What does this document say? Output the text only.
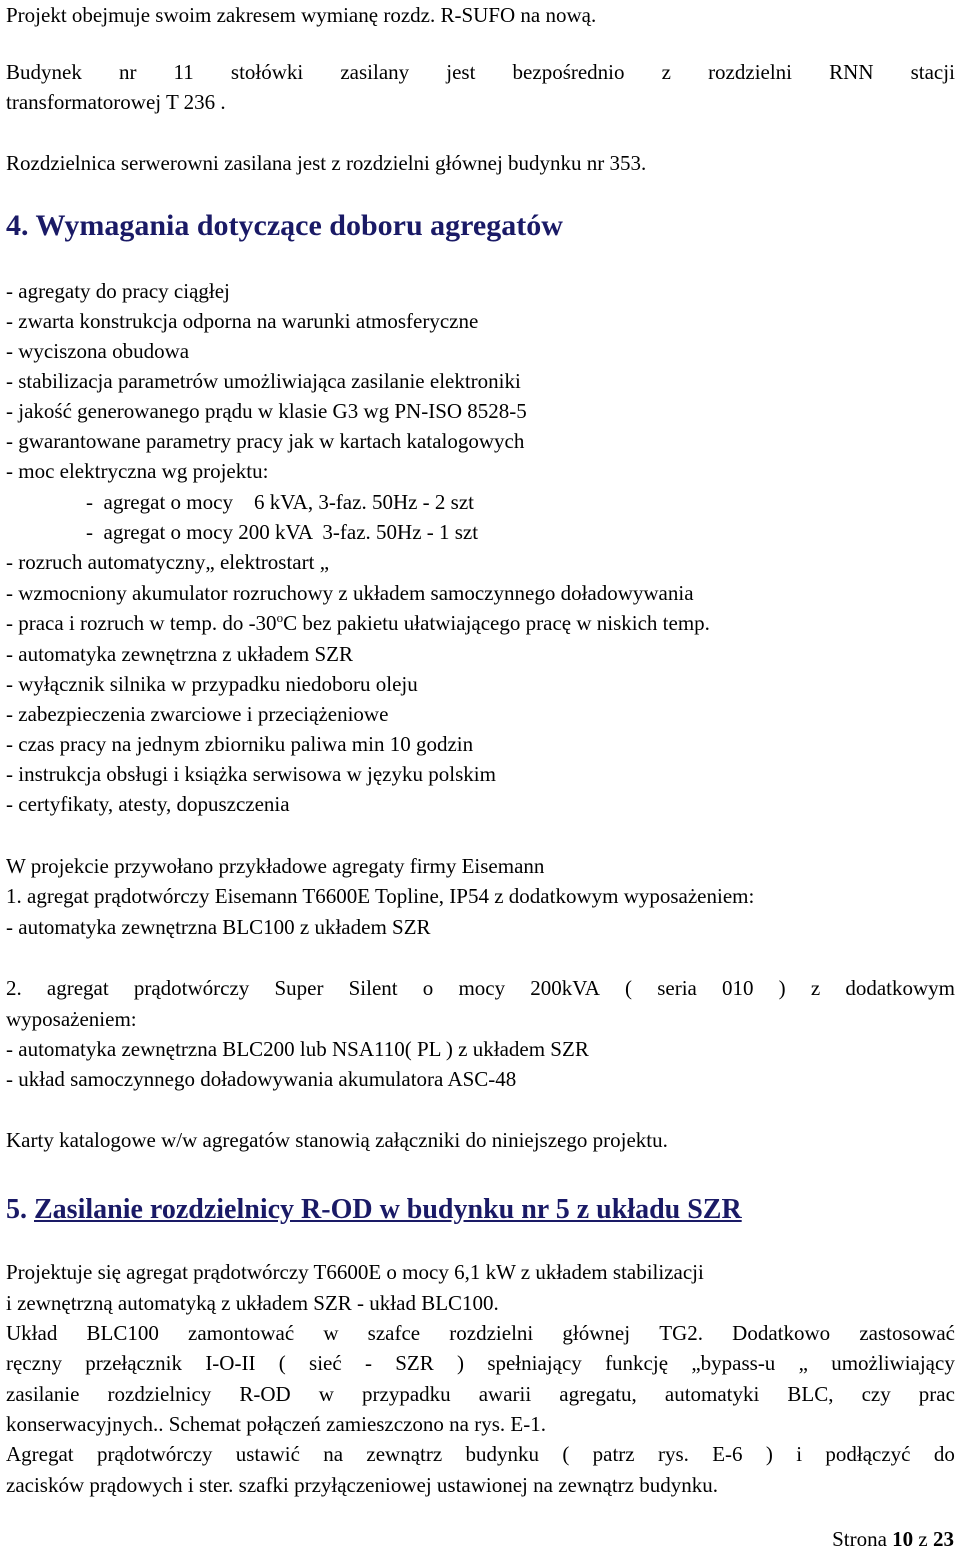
Projekt obejmuje swoim zakresem wymianę rozdz. R-SUFO na nową.
Budynek nr 11 stołówki zasilany jest bezpośrednio z rozdzielni RNN stacji
transformatorowej T 236 .
Rozdzielnica serwerowni zasilana jest z rozdzielni głównej budynku nr 353.
4. Wymagania dotyczące doboru agregatów
- agregaty do pracy ciągłej
- zwarta konstrukcja odporna na warunki atmosferyczne
- wyciszona obudowa
- stabilizacja parametrów umożliwiająca zasilanie elektroniki
- jakość generowanego prądu w klasie G3 wg PN-ISO 8528-5
- gwarantowane parametry pracy jak w kartach katalogowych
- moc elektryczna wg projektu:
-  agregat o mocy    6 kVA, 3-faz. 50Hz - 2 szt
-  agregat o mocy 200 kVA  3-faz. 50Hz - 1 szt
- rozruch automatyczny„ elektrostart „
- wzmocniony akumulator rozruchowy z układem samoczynnego doładowywania
- praca i rozruch w temp. do -30$^o$C bez pakietu ułatwiającego pracę w niskich temp.
- automatyka zewnętrzna z układem SZR
- wyłącznik silnika w przypadku niedoboru oleju
- zabezpieczenia zwarciowe i przeciążeniowe
- czas pracy na jednym zbiorniku paliwa min 10 godzin
- instrukcja obsługi i książka serwisowa w języku polskim
- certyfikaty, atesty, dopuszczenia
W projekcie przywołano przykładowe agregaty firmy Eisemann
1. agregat prądotwórczy Eisemann T6600E Topline, IP54 z dodatkowym wyposażeniem:
- automatyka zewnętrzna BLC100 z układem SZR
2. agregat prądotwórczy Super Silent o mocy 200kVA ( seria 010 ) z dodatkowym
wyposażeniem:
- automatyka zewnętrzna BLC200 lub NSA110( PL ) z układem SZR
- układ samoczynnego doładowywania akumulatora ASC-48
Karty katalogowe w/w agregatów stanowią załączniki do niniejszego projektu.
5. Zasilanie rozdzielnicy R-OD w budynku nr 5 z układu SZR
Projektuje się agregat prądotwórczy T6600E o mocy 6,1 kW z układem stabilizacji
i zewnętrzną automatyką z układem SZR - układ BLC100.
Układ BLC100 zamontować w szafce rozdzielni głównej TG2. Dodatkowo zastosować
ręczny przełącznik I-O-II ( sieć - SZR ) spełniający funkcję „bypass-u „ umożliwiający
zasilanie rozdzielnicy R-OD w przypadku awarii agregatu, automatyki BLC, czy prac
konserwacyjnych.. Schemat połączeń zamieszczono na rys. E-1.
Agregat prądotwórczy ustawić na zewnątrz budynku ( patrz rys. E-6 ) i podłączyć do
zacisków prądowych i ster. szafki przyłączeniowej ustawionej na zewnątrz budynku.
Strona 10 z 23
